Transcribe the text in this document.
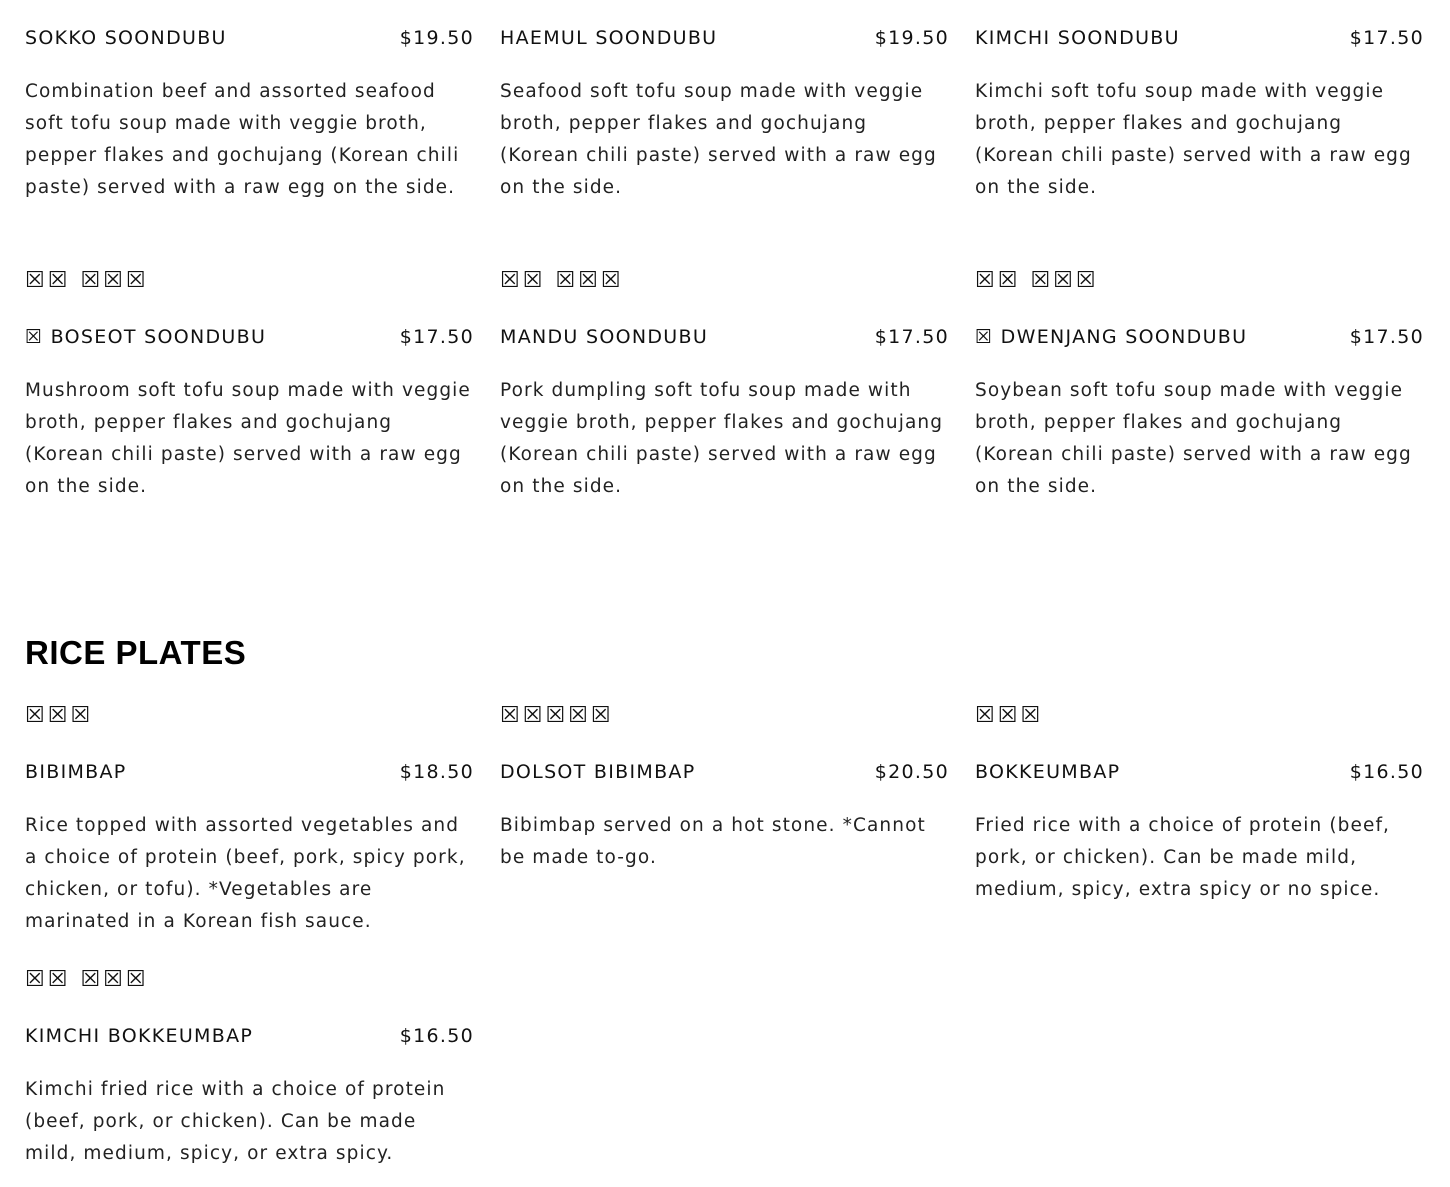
SOKKO SOONDUBU	$19.50

Combination beef and assorted seafood soft tofu soup made with veggie broth, pepper flakes and gochujang (Korean chili paste) served with a raw egg on the side.

HAEMUL SOONDUBU	$19.50

Seafood soft tofu soup made with veggie broth, pepper flakes and gochujang (Korean chili paste) served with a raw egg on the side.

KIMCHI SOONDUBU	$17.50

Kimchi soft tofu soup made with veggie broth, pepper flakes and gochujang (Korean chili paste) served with a raw egg on the side.

☒☒ ☒☒☒
☒ BOSEOT SOONDUBU	$17.50

Mushroom soft tofu soup made with veggie broth, pepper flakes and gochujang (Korean chili paste) served with a raw egg on the side.

☒☒ ☒☒☒
MANDU SOONDUBU	$17.50

Pork dumpling soft tofu soup made with veggie broth, pepper flakes and gochujang (Korean chili paste) served with a raw egg on the side.

☒☒ ☒☒☒
☒ DWENJANG SOONDUBU	$17.50

Soybean soft tofu soup made with veggie broth, pepper flakes and gochujang (Korean chili paste) served with a raw egg on the side.

RICE PLATES
☒☒☒
BIBIMBAP	$18.50

Rice topped with assorted vegetables and a choice of protein (beef, pork, spicy pork, chicken, or tofu). *Vegetables are marinated in a Korean fish sauce.

☒☒☒☒☒
DOLSOT BIBIMBAP	$20.50

Bibimbap served on a hot stone. *Cannot be made to-go.

☒☒☒
BOKKEUMBAP	$16.50

Fried rice with a choice of protein (beef, pork, or chicken). Can be made mild, medium, spicy, extra spicy or no spice.

☒☒ ☒☒☒
KIMCHI BOKKEUMBAP	$16.50

Kimchi fried rice with a choice of protein (beef, pork, or chicken). Can be made mild, medium, spicy, or extra spicy.
